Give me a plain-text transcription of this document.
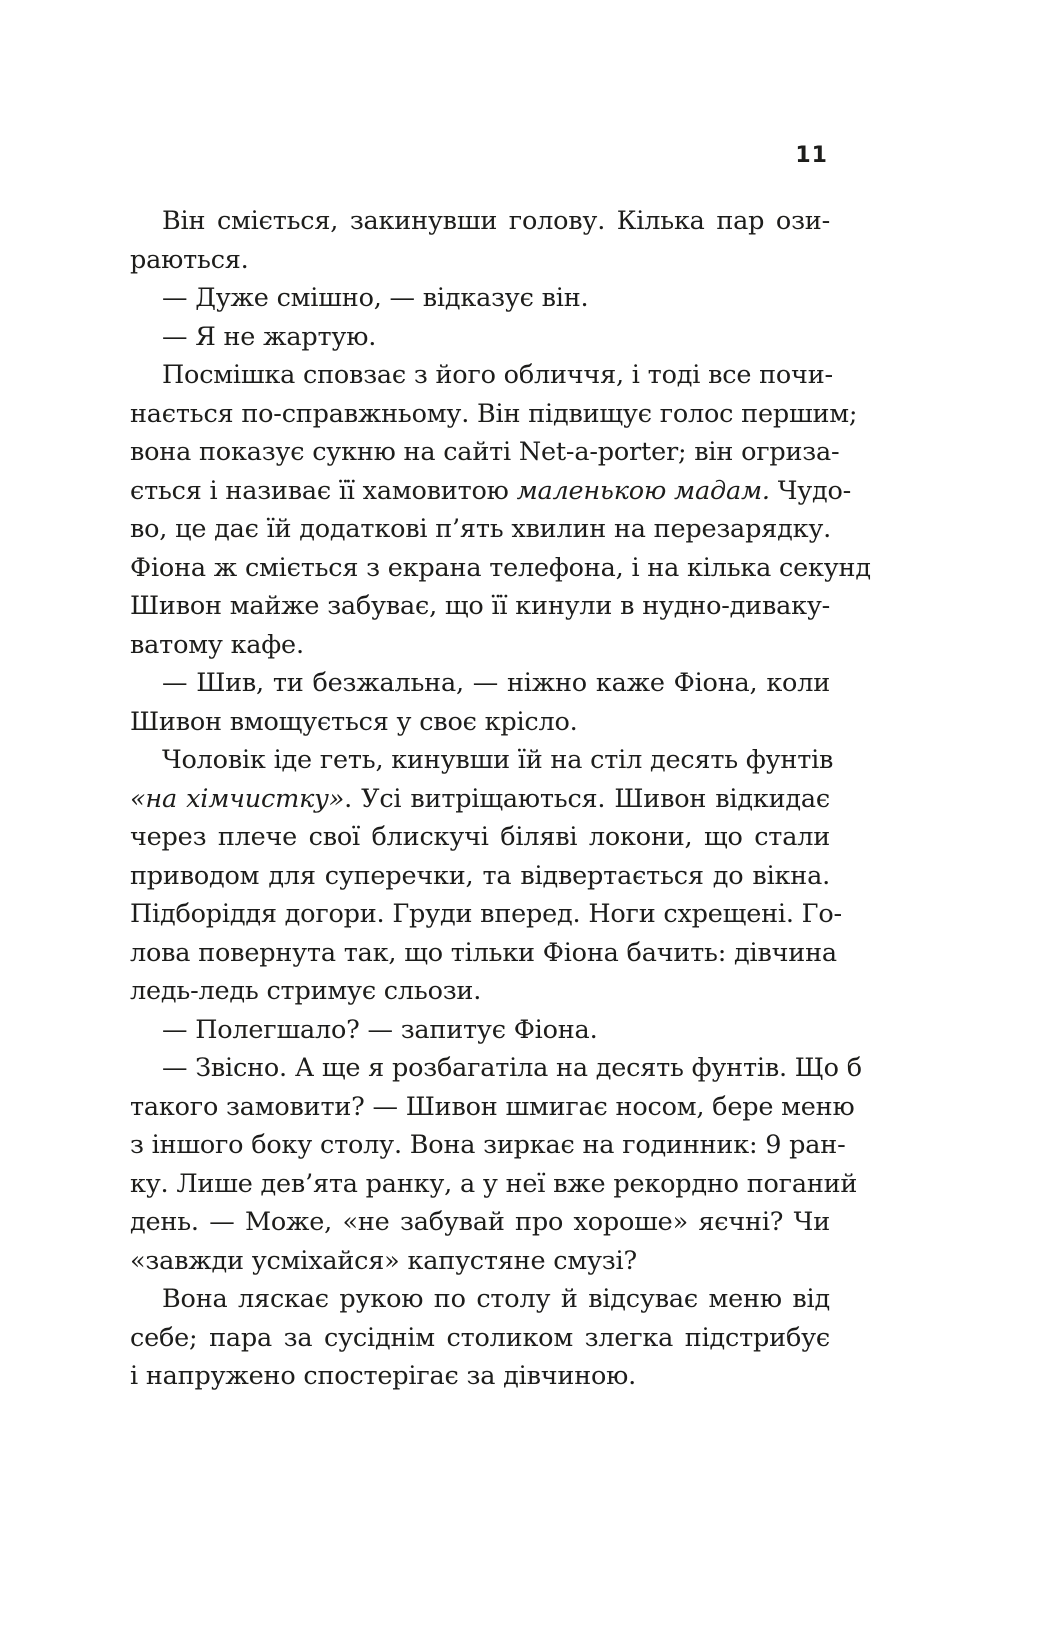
11
Він сміється, закинувши голову. Кілька пар ози-
раються.
— Дуже смішно, — відказує він.
— Я не жартую.
Посмішка сповзає з його обличчя, і тоді все почи-
нається по-справжньому. Він підвищує голос першим;
вона показує сукню на сайті Net-a-porter; він огриза-
ється і називає її хамовитою маленькою мадам. Чудо-
во, це дає їй додаткові п’ять хвилин на перезарядку.
Фіона ж сміється з екрана телефона, і на кілька секунд
Шивон майже забуває, що її кинули в нудно-диваку-
ватому кафе.
— Шив, ти безжальна, — ніжно каже Фіона, коли
Шивон вмощується у своє крісло.
Чоловік іде геть, кинувши їй на стіл десять фунтів
«на хімчистку». Усі витріщаються. Шивон відкидає
через плече свої блискучі біляві локони, що стали
приводом для суперечки, та відвертається до вікна.
Підборіддя догори. Груди вперед. Ноги схрещені. Го-
лова повернута так, що тільки Фіона бачить: дівчина
ледь-ледь стримує сльози.
— Полегшало? — запитує Фіона.
— Звісно. А ще я розбагатіла на десять фунтів. Що б
такого замовити? — Шивон шмигає носом, бере меню
з іншого боку столу. Вона зиркає на годинник: 9 ран-
ку. Лише дев’ята ранку, а у неї вже рекордно поганий
день. — Може, «не забувай про хороше» яєчні? Чи
«завжди усміхайся» капустяне смузі?
Вона ляскає рукою по столу й відсуває меню від
себе; пара за сусіднім столиком злегка підстрибує
і напружено спостерігає за дівчиною.
